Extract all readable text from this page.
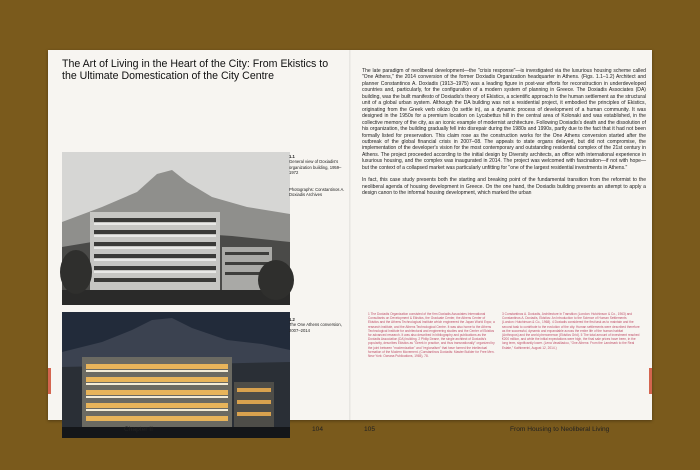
The Art of Living in the Heart of the City: From Ekistics to the Ultimate Domestication of the City Centre
1.1
General view of Doxiadis's organization building, 1959–1972
Photographs: Constantinos A. Doxiadis Archives
1.2
The One Athens conversion, 2007–2014
Chapter II	104

The late paradigm of neoliberal development—the "crisis response"—is investigated via the luxurious housing scheme called "One Athens," the 2014 conversion of the former Doxiadis Organization headquarter in Athens. (Figs. 1.1–1.2) Architect and planner Constantinos A. Doxiadis (1913–1975) was a leading figure in post-war efforts for reconstruction in underdeveloped countries and, particularly, for the configuration of a modern system of planning in Greece. The Doxiadis Associates (DA) building, was the built manifesto of Doxiadis's theory of Ekistics, a scientific approach to the human settlement as the structural unit of a global urban system. Although the DA building was not a residential project, it embodied the principles of Ekistics, originating from the Greek verb oikizo (to settle in), as a dynamic process of development of a human community. It was designed in the 1950s for a premium location on Lycabettus hill in the central area of Kolonaki and was established, in the collective memory of the city, as an iconic example of modernist architecture. Following Doxiadis's death and the dissolution of his organization, the building gradually fell into disrepair during the 1980s and 1990s, partly due to the fact that it had not been formally listed for preservation. This claim rose as the construction works for the One Athens conversion started after the outbreak of the global financial crisis in 2007–08. The appeals to state organs delayed, but did not compromise, the implementation of the developer's vision for the most contemporary and outstanding residential complex of the 21st century in Athens. The project proceeded according to the initial design by Diversity architects, an office with international experience in luxurious housing, and the complex was inaugurated in 2014. The project was welcomed with fascination—if not with hope—but the context of a collapsed market was particularly unfitting for "one of the largest residential investments in Athens."

In fact, this case study presents both the starting and breaking point of the fundamental transition from the reformist to the neoliberal agenda of housing development in Greece. On the one hand, the Doxiadis building presents an attempt to apply a design canon to the informal housing development, which marked the urban

1 The Doxiadis Organization consisted of the firm Doxiadis Associates International Consultants on Development & Ekistics, the Graduate Center, the Athens Center of Ekistics and the Athens Technological Institute which engineered the Japan World Expo; a research institute, and the Athens Technological Centre. It was also home to the Athens Technological Institute for architectural and engineering studies and the Center of Ekistics for advanced research. It was also described in bibliography and publications as the Doxiadis Association (DA) building. 2 Philip Deane, the single architect of Doxiadis's popularity, describes Ekistics as "Greek in practice, and thus transnationally" organized by the joint between "modernization" and "regionalism" that have formed the intellectual formation of the Modern Movement. (Constantinos Doxiadis: Master Builder for Free Men. New York: Oceana Publications, 1965), 78.
3 Constantinos A. Doxiadis, Architecture in Transition (London: Hutchinson & Co., 1963) and Constantinos A. Doxiadis, Ekistics: An Introduction to the Science of Human Settlements (London: Hutchinson & Co., 1968). 4 Doxiadis considered the first task as to maintain and the second task to contribute to the evolution of the city. Human settlements were described therefore as the successful, dynamic and expandable across the entire life of the human habitat (Anthropos) and the world phenomenon (Ekistics Grid). 5 The total amount of investment reached €200 million, and while the initial expectations were high, the final sale prices have been, in the long term, significantly lower. (Lena Vassiliadou, "One Athens: From the Landmark to the Real Estate," Kathimerini, August 12, 2014.)
105	From Housing to Neoliberal Living
